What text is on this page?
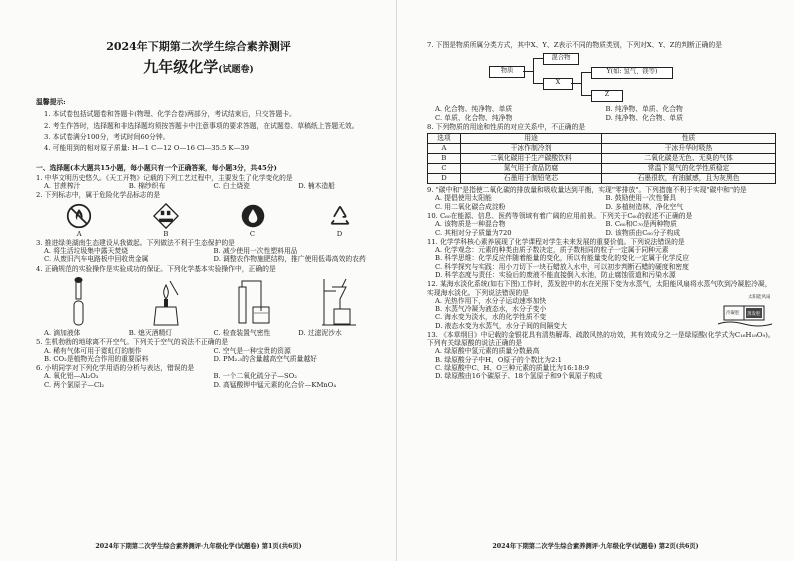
2024年下期第二次学生综合素养测评
九年级化学(试题卷)
温馨提示:
1. 本试卷包括试题卷和答题卡(物理、化学合卷)两部分，考试结束后，只交答题卡。
2. 考生作答时，选择题和非选择题均须按答题卡中注意事项的要求答题，在试题卷、草稿纸上答题无效。
3. 本试卷满分100分，考试时间60分钟。
4. 可能用到的相对原子质量: H—1 C—12 O—16 Cl—35.5 K—39
一、选择题(本大题共15小题，每小题只有一个正确答案，每小题3分，共45分)
1. 中华文明历史悠久。《天工开物》记载的下列工艺过程中，主要发生了化学变化的是
A. 甘蔗榨汁	B. 棉纱织布	C. 白土烧瓷	D. 楠木造船
2. 下列标志中，属于危险化学品标志的是
A	B	C	D
3. 推进绿美湖南生态建设从我做起。下列做法不利于生态保护的是
A. 将生活垃圾集中露天焚烧	B. 减少使用一次性塑料用品
C. 从废旧汽车电路板中回收贵金属	D. 调整农作物施肥结构，推广使用低毒高效的农药
4. 正确规范的实验操作是实验成功的保证。下列化学基本实验操作中，正确的是
A. 滴加液体	B. 熄灭酒精灯	C. 检查装置气密性	D. 过滤泥沙水
5. 生机勃勃的地球离不开空气。下列关于空气的说法不正确的是
A. 稀有气体可用于霓虹灯的制作	C. 空气是一种宝贵的资源
B. CO₂是植物光合作用的重要原料	D. PM₂.₅的含量越高空气质量越好
6. 小明同学对下列化学用语的分析与表达，错误的是
A. 氧化铝—Al₂O₃	B. 一个二氧化硫分子—SO₂
C. 两个氯原子—Cl₂	D. 高锰酸钾中锰元素的化合价—KMnO₄
2024年下期第二次学生综合素养测评·九年级化学(试题卷) 第1页(共6页)
7. 下图是物质所属分类方式，其中X、Y、Z表示不同的物质类别，下列对X、Y、Z的判断正确的是
物质
混合物
X
Y(如: 氢气、镁等)
Z
A. 化合物、纯净物、单质	B. 纯净物、单质、化合物
C. 单质、化合物、纯净物	D. 纯净物、化合物、单质
8. 下列物质的用途和性质的对应关系中，不正确的是
选项	用途	性质
A	干冰作制冷剂	干冰升华时吸热
B	二氧化碳用于生产碳酸饮料	二氧化碳是无色、无臭的气体
C	氮气用于食品防腐	常温下氮气的化学性质稳定
D	石墨用于制铅笔芯	石墨很软，有油腻感，且为灰黑色
9. "碳中和"是指使二氧化碳的排放量和吸收量达到平衡，实现"零排放"。下列措施不利于实现"碳中和"的是
A. 提倡使用太阳能	B. 鼓励使用一次性餐具
C. 用二氧化碳合成淀粉	D. 多植树造林，净化空气
10. C₆₀在能源、信息、医药等领域有着广阔的应用前景。下列关于C₆₀的叙述不正确的是
A. 该物质是一种混合物	B. C₆₀和C₇₀是两种物质
C. 其相对分子质量为720	D. 该物质由C₆₀分子构成
11. 化学学科核心素养展现了化学课程对学生未来发展的重要价值。下列说法错误的是
A. 化学观念：元素的种类由质子数决定，质子数相同的粒子一定属于同种元素
B. 科学思维：化学反应伴随着能量的变化，所以有能量变化的变化一定属于化学反应
C. 科学探究与实践：用小刀切下一块石蜡放入水中，可以初步判断石蜡的硬度和密度
D. 科学态度与责任：实验后的废液不能直接倒入水池，防止腐蚀管道和污染水源
12. 某海水淡化系统(如右下图)工作时，蒸发腔中的水在光照下变为水蒸气，太阳能风扇将水蒸气吹到冷凝腔冷凝，实现海水淡化。下列说法错误的是
A. 光热作用下，水分子运动速率加快
B. 水蒸气冷凝为液态水，水分子变小
C. 海水变为淡水，水的化学性质不变
D. 液态水变为水蒸气，水分子间的间隔变大
太阳能风扇
冷凝腔 蒸发腔
13. 《本草纲目》中记载的金银花具有清热解毒、疏散风热的功效，其有效成分之一是绿原酸(化学式为C₁₆H₁₈O₉)。下列有关绿原酸的说法正确的是
A. 绿原酸中氢元素的质量分数最高
B. 绿原酸分子中H、O原子的个数比为2:1
C. 绿原酸中C、H、O三种元素的质量比为16:18:9
D. 绿原酸由16个碳原子、18个氢原子和9个氧原子构成
2024年下期第二次学生综合素养测评·九年级化学(试题卷) 第2页(共6页)
